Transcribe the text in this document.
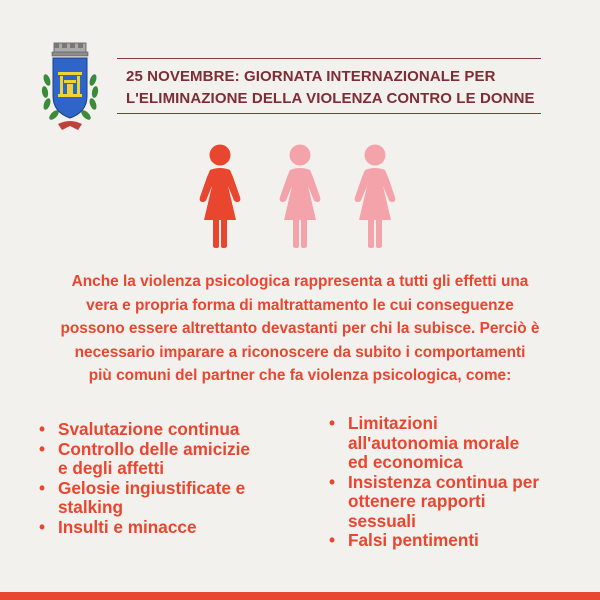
25 NOVEMBRE: GIORNATA INTERNAZIONALE PER
L'ELIMINAZIONE DELLA VIOLENZA CONTRO LE DONNE
Anche la violenza psicologica rappresenta a tutti gli effetti una
vera e propria forma di maltrattamento le cui conseguenze
possono essere altrettanto devastanti per chi la subisce. Perciò è
necessario imparare a riconoscere da subito i comportamenti
più comuni del partner che fa violenza psicologica, come:
• Svalutazione continua
• Controllo delle amicizie
e degli affetti
• Gelosie ingiustificate e
stalking
• Insulti e minacce
• Limitazioni
all'autonomia morale
ed economica
• Insistenza continua per
ottenere rapporti
sessuali
• Falsi pentimenti
